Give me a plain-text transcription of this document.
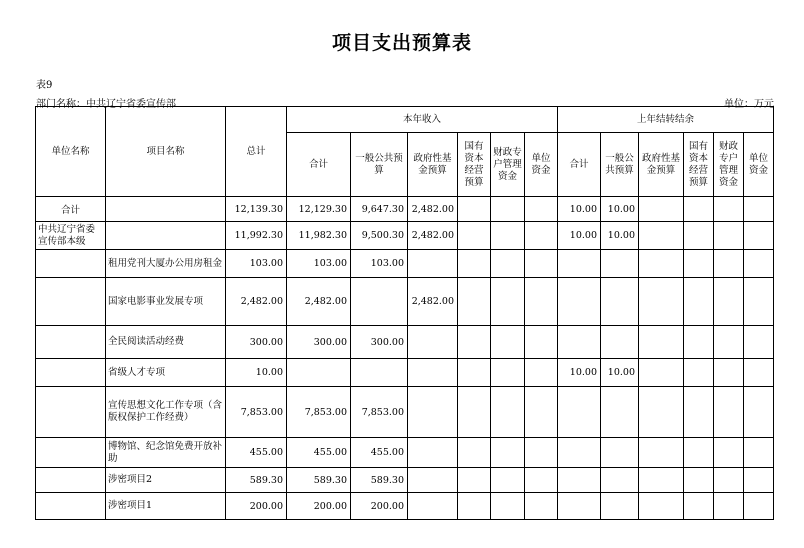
项目支出预算表
表9
部门名称：中共辽宁省委宣传部	单位：万元
单位名称	项目名称	总计	本年收入						上年结转结余					
			合计	一般公共预算	政府性基金预算	国有资本经营预算	财政专户管理资金	单位资金	合计	一般公共预算	政府性基金预算	国有资本经营预算	财政专户管理资金	单位资金
合计		12,139.30	12,129.30	9,647.30	2,482.00				10.00	10.00				
中共辽宁省委宣传部本级		11,992.30	11,982.30	9,500.30	2,482.00				10.00	10.00				
	租用党刊大厦办公用房租金	103.00	103.00	103.00										
	国家电影事业发展专项	2,482.00	2,482.00		2,482.00									
	全民阅读活动经费	300.00	300.00	300.00										
	省级人才专项	10.00							10.00	10.00				
	宣传思想文化工作专项（含版权保护工作经费）	7,853.00	7,853.00	7,853.00										
	博物馆、纪念馆免费开放补助	455.00	455.00	455.00										
	涉密项目2	589.30	589.30	589.30										
	涉密项目1	200.00	200.00	200.00										
